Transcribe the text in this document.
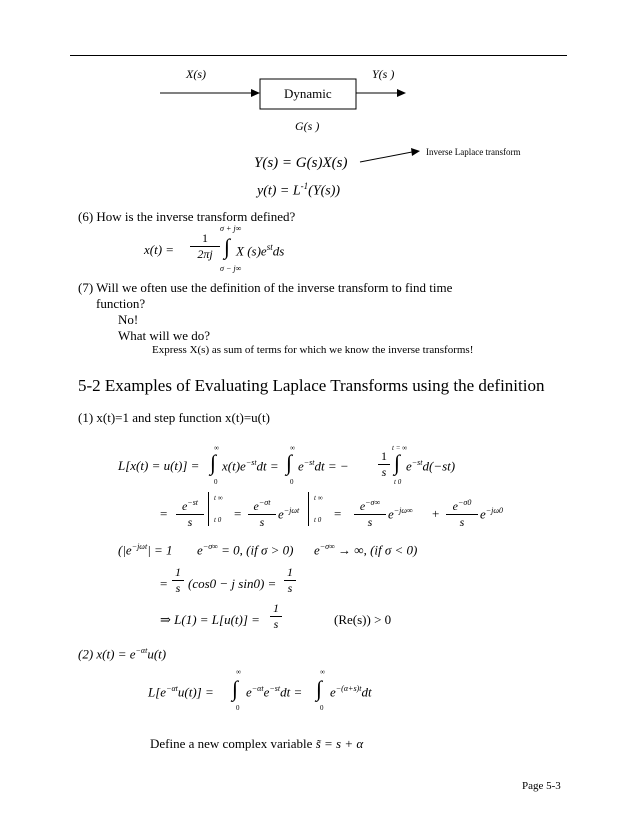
X(s)	Y(s )
Dynamic
G(s )
Inverse Laplace transform
Y(s) = G(s)X(s)
$y(t) = L^{-1}(Y(s))$
(6) How is the inverse transform defined?
x(t) =
1
2πj
σ + j∞
∫
σ − j∞
X $(s)e^{st}ds$
(7) Will we often use the definition of the inverse transform to find time
function?
No!
What will we do?
Express X(s) as sum of terms for which we know the inverse transforms!
5-2 Examples of Evaluating Laplace Transforms using the definition
(1) x(t)=1 and step function x(t)=u(t)
L[x(t) = u(t)] =
∞
∫
0
$x(t)e^{-st}dt$ =
∞
∫
0
$e^{-st}dt$ = −
1
s
t = ∞
∫
t 0
$e^{-st}d(-st)$
=	$e^{-st}$
s
t ∞
t 0 =	$e^{-\sigma t}$
s
$e^{-j\omega t}$
t ∞
t 0 =	$e^{-\sigma\infty}$
s
$e^{-j\omega\infty}$ +	$e^{-\sigma 0}$
s
$e^{-j\omega 0}$
($|e^{-j\omega t}| = 1$ $e^{-\sigma\infty} = 0$, (if σ > 0) $e^{-\sigma\infty}$ → ∞, (if σ < 0)
=
1
s (cos0 − j sin0) =
1
s
⇒ L(1) = L[u(t)] =
1
s	(Re(s)) > 0
(2) $x(t) = e^{-\alpha t}u(t)$
$L[e^{-\alpha t}u(t)]$ =
∞
∫
0
$e^{-\alpha t}e^{-st}dt$ =
∞
∫
0
$e^{-(\alpha+s)t}dt$
Define a new complex variable s̃ = s + α
Page 5-3
